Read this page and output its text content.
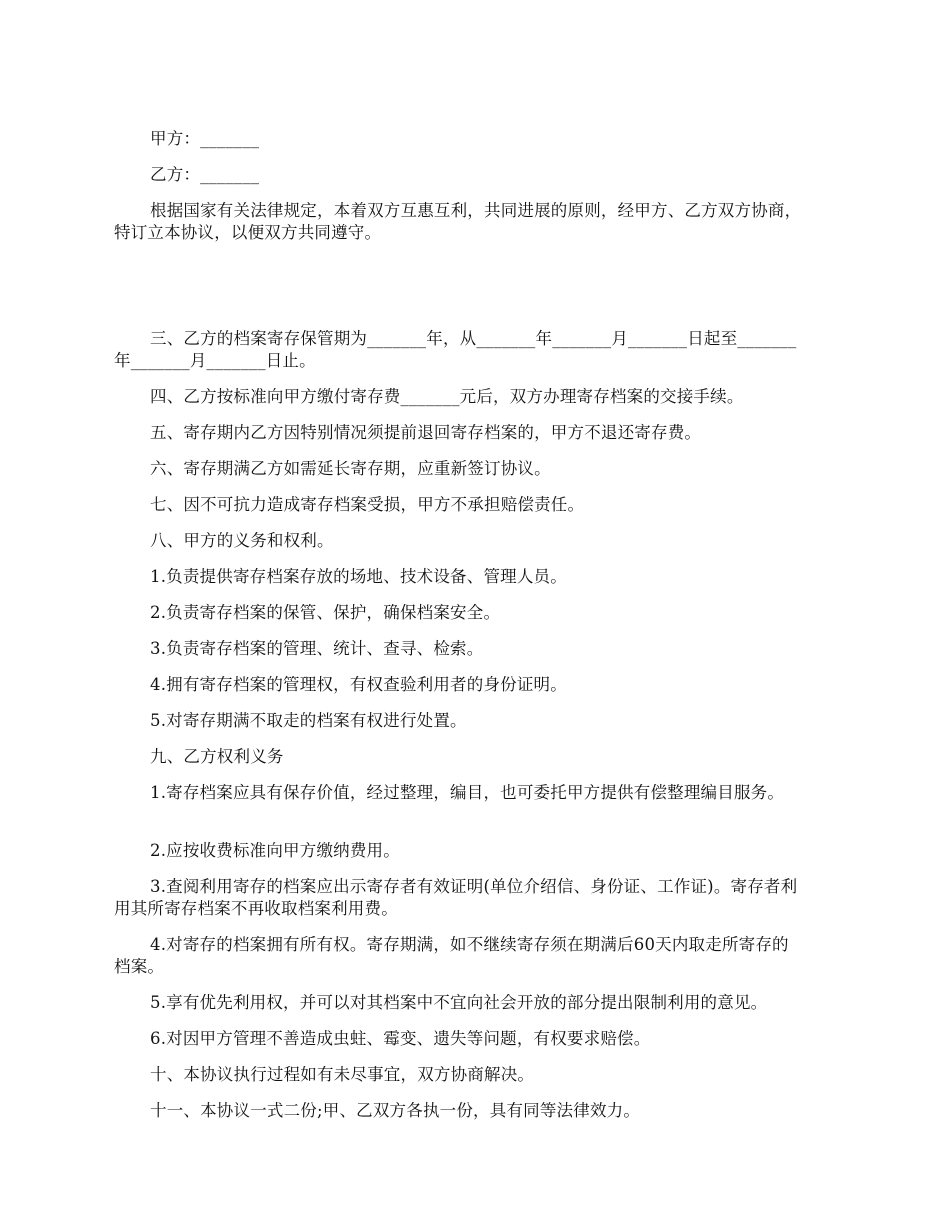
甲方：_______

乙方：_______

根据国家有关法律规定，本着双方互惠互利，共同进展的原则，经甲方、乙方双方协商，特订立本协议，以便双方共同遵守。

三、乙方的档案寄存保管期为_______年，从_______年_______月_______日起至_______年_______月_______日止。

四、乙方按标准向甲方缴付寄存费_______元后，双方办理寄存档案的交接手续。

五、寄存期内乙方因特别情况须提前退回寄存档案的，甲方不退还寄存费。

六、寄存期满乙方如需延长寄存期，应重新签订协议。

七、因不可抗力造成寄存档案受损，甲方不承担赔偿责任。

八、甲方的义务和权利。

1.负责提供寄存档案存放的场地、技术设备、管理人员。

2.负责寄存档案的保管、保护，确保档案安全。

3.负责寄存档案的管理、统计、查寻、检索。

4.拥有寄存档案的管理权，有权查验利用者的身份证明。

5.对寄存期满不取走的档案有权进行处置。

九、乙方权利义务

1.寄存档案应具有保存价值，经过整理，编目，也可委托甲方提供有偿整理编目服务。

2.应按收费标准向甲方缴纳费用。

3.查阅利用寄存的档案应出示寄存者有效证明(单位介绍信、身份证、工作证)。寄存者利用其所寄存档案不再收取档案利用费。

4.对寄存的档案拥有所有权。寄存期满，如不继续寄存须在期满后60天内取走所寄存的档案。

5.享有优先利用权，并可以对其档案中不宜向社会开放的部分提出限制利用的意见。

6.对因甲方管理不善造成虫蛀、霉变、遗失等问题，有权要求赔偿。

十、本协议执行过程如有未尽事宜，双方协商解决。

十一、本协议一式二份;甲、乙双方各执一份，具有同等法律效力。
